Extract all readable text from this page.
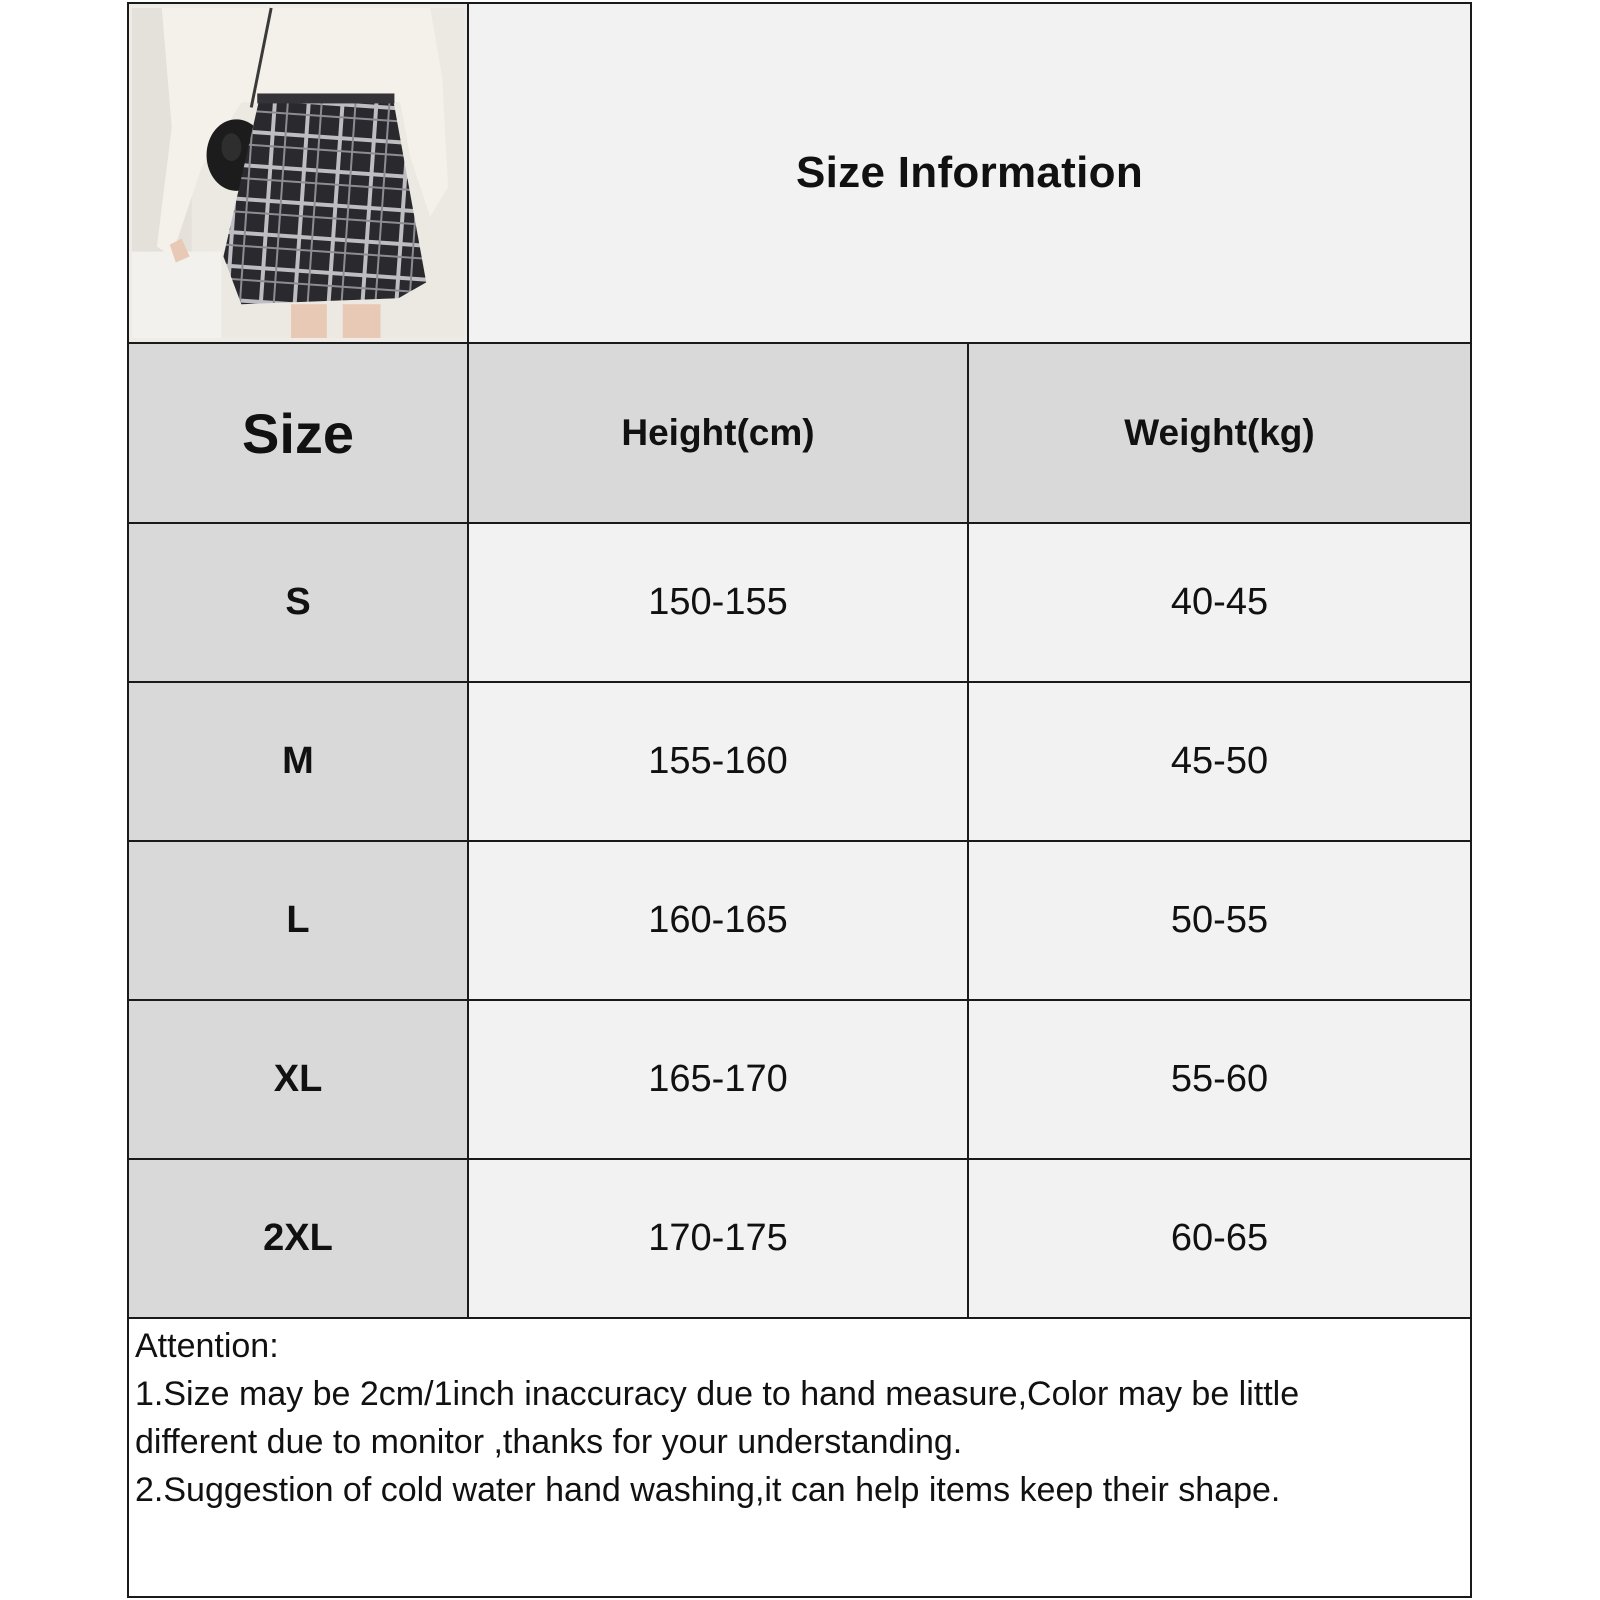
Size Information
Size	Height(cm)	Weight(kg)
S	150-155	40-45
M	155-160	45-50
L	160-165	50-55
XL	165-170	55-60
2XL	170-175	60-65
Attention:
1.Size may be 2cm/1inch inaccuracy due to hand measure,Color may be little
different due to monitor ,thanks for your understanding.
2.Suggestion of cold water hand washing,it can help items keep their shape.
